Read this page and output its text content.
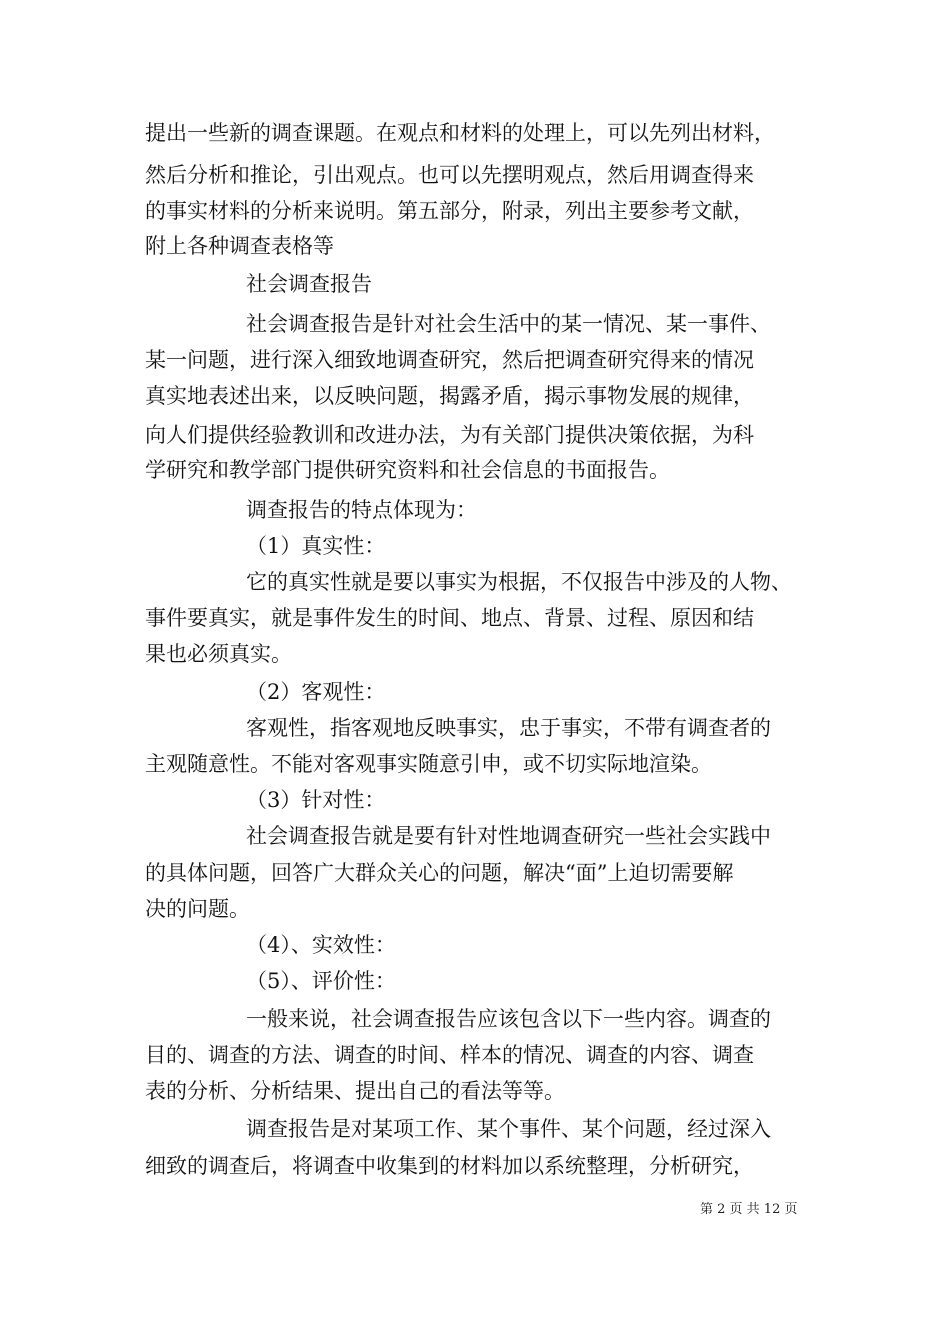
提出一些新的调查课题。在观点和材料的处理上，可以先列出材料，
然后分析和推论，引出观点。也可以先摆明观点，然后用调查得来
的事实材料的分析来说明。第五部分，附录，列出主要参考文献，
附上各种调查表格等
社会调查报告
社会调查报告是针对社会生活中的某一情况、某一事件、
某一问题，进行深入细致地调查研究，然后把调查研究得来的情况
真实地表述出来，以反映问题，揭露矛盾，揭示事物发展的规律，
向人们提供经验教训和改进办法，为有关部门提供决策依据，为科
学研究和教学部门提供研究资料和社会信息的书面报告。
调查报告的特点体现为：
（1）真实性：
它的真实性就是要以事实为根据，不仅报告中涉及的人物、
事件要真实，就是事件发生的时间、地点、背景、过程、原因和结
果也必须真实。
（2）客观性：
客观性，指客观地反映事实，忠于事实，不带有调查者的
主观随意性。不能对客观事实随意引申，或不切实际地渲染。
（3）针对性：
社会调查报告就是要有针对性地调查研究一些社会实践中
的具体问题，回答广大群众关心的问题，解决“面”上迫切需要解
决的问题。
（4）、实效性：
（5）、评价性：
一般来说，社会调查报告应该包含以下一些内容。调查的
目的、调查的方法、调查的时间、样本的情况、调查的内容、调查
表的分析、分析结果、提出自己的看法等等。
调查报告是对某项工作、某个事件、某个问题，经过深入
细致的调查后，将调查中收集到的材料加以系统整理，分析研究，
第 2 页 共 12 页
